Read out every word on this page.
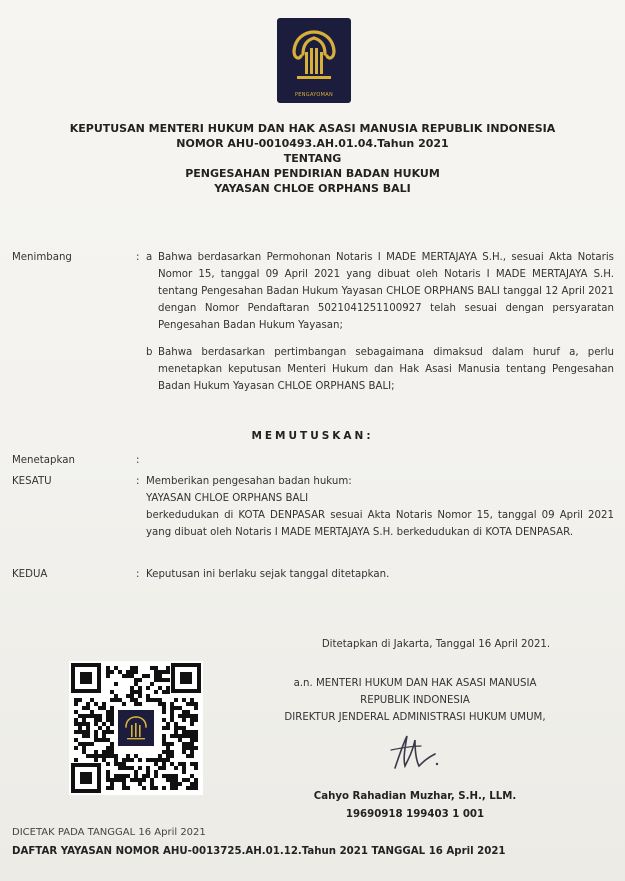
PENGAYOMAN
KEPUTUSAN MENTERI HUKUM DAN HAK ASASI MANUSIA REPUBLIK INDONESIA
NOMOR AHU-0010493.AH.01.04.Tahun 2021
TENTANG
PENGESAHAN PENDIRIAN BADAN HUKUM
YAYASAN CHLOE ORPHANS BALI
Menimbang	: a Bahwa berdasarkan Permohonan Notaris I MADE MERTAJAYA S.H., sesuai Akta Notaris Nomor 15, tanggal 09 April 2021 yang dibuat oleh Notaris I MADE MERTAJAYA S.H. tentang Pengesahan Badan Hukum Yayasan CHLOE ORPHANS BALI tanggal 12 April 2021 dengan Nomor Pendaftaran 5021041251100927 telah sesuai dengan persyaratan Pengesahan Badan Hukum Yayasan;
b Bahwa berdasarkan pertimbangan sebagaimana dimaksud dalam huruf a, perlu menetapkan keputusan Menteri Hukum dan Hak Asasi Manusia tentang Pengesahan Badan Hukum Yayasan CHLOE ORPHANS BALI;
MEMUTUSKAN:
Menetapkan	:
KESATU	: Memberikan pengesahan badan hukum:
YAYASAN CHLOE ORPHANS BALI
berkedudukan di KOTA DENPASAR sesuai Akta Notaris Nomor 15, tanggal 09 April 2021 yang dibuat oleh Notaris I MADE MERTAJAYA S.H. berkedudukan di KOTA DENPASAR.
KEDUA	: Keputusan ini berlaku sejak tanggal ditetapkan.
Ditetapkan di Jakarta, Tanggal 16 April 2021.
a.n. MENTERI HUKUM DAN HAK ASASI MANUSIA
REPUBLIK INDONESIA
DIREKTUR JENDERAL ADMINISTRASI HUKUM UMUM,
Cahyo Rahadian Muzhar, S.H., LLM.
19690918 199403 1 001
DICETAK PADA TANGGAL 16 April 2021
DAFTAR YAYASAN NOMOR AHU-0013725.AH.01.12.Tahun 2021 TANGGAL 16 April 2021
